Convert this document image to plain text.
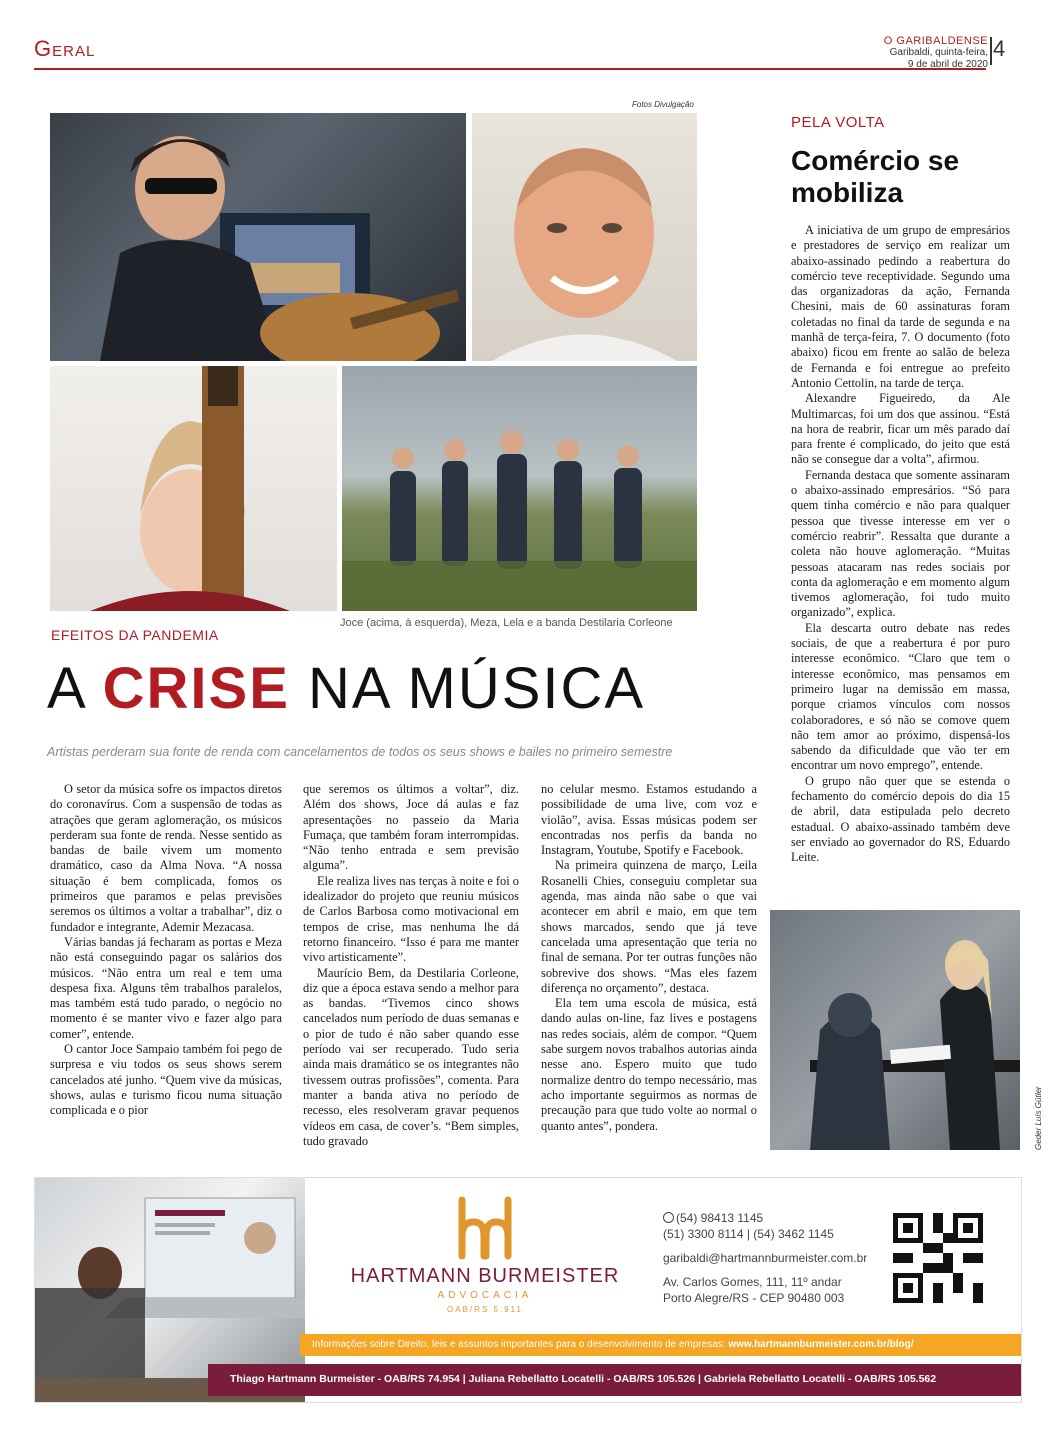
Geral	O GARIBALDENSE
Garibaldi, quinta-feira,
9 de abril de 2020
4
Fotos Divulgação
Joce (acima, à esquerda), Meza, Lela e a banda Destilaria Corleone
EFEITOS DA PANDEMIA
A CRISE NA MÚSICA
Artistas perderam sua fonte de renda com cancelamentos de todos os seus shows e bailes no primeiro semestre

O setor da música sofre os impactos diretos do coronavírus. Com a suspensão de todas as atrações que geram aglomeração, os músicos perderam sua fonte de renda. Nesse sentido as bandas de baile vivem um momento dramático, caso da Alma Nova. “A nossa situação é bem complicada, fomos os primeiros que paramos e pelas previsões seremos os últimos a voltar a trabalhar”, diz o fundador e integrante, Ademir Mezacasa.

Várias bandas já fecharam as portas e Meza não está conseguindo pagar os salários dos músicos. “Não entra um real e tem uma despesa fixa. Alguns têm trabalhos paralelos, mas também está tudo parado, o negócio no momento é se manter vivo e fazer algo para comer”, entende.

O cantor Joce Sampaio também foi pego de surpresa e viu todos os seus shows serem cancelados até junho. “Quem vive da músicas, shows, aulas e turismo ficou numa situação complicada e o pior

que seremos os últimos a voltar”, diz. Além dos shows, Joce dá aulas e faz apresentações no passeio da Maria Fumaça, que também foram interrompidas. “Não tenho entrada e sem previsão alguma”.

Ele realiza lives nas terças à noite e foi o idealizador do projeto que reuniu músicos de Carlos Barbosa como motivacional em tempos de crise, mas nenhuma lhe dá retorno financeiro. “Isso é para me manter vivo artisticamente”.

Maurício Bem, da Destilaria Corleone, diz que a época estava sendo a melhor para as bandas. “Tivemos cinco shows cancelados num período de duas semanas e o pior de tudo é não saber quando esse período vai ser recuperado. Tudo seria ainda mais dramático se os integrantes não tivessem outras profissões”, comenta. Para manter a banda ativa no período de recesso, eles resolveram gravar pequenos vídeos em casa, de cover’s. “Bem simples, tudo gravado

no celular mesmo. Estamos estudando a possibilidade de uma live, com voz e violão”, avisa. Essas músicas podem ser encontradas nos perfis da banda no Instagram, Youtube, Spotify e Facebook.

Na primeira quinzena de março, Leila Rosanelli Chies, conseguiu completar sua agenda, mas ainda não sabe o que vai acontecer em abril e maio, em que tem shows marcados, sendo que já teve cancelada uma apresentação que teria no final de semana. Por ter outras funções não sobrevive dos shows. “Mas eles fazem diferença no orçamento”, destaca.

Ela tem uma escola de música, está dando aulas on-line, faz lives e postagens nas redes sociais, além de compor. “Quem sabe surgem novos trabalhos autorias ainda nesse ano. Espero muito que tudo normalize dentro do tempo necessário, mas acho importante seguirmos as normas de precaução para que tudo volte ao normal o quanto antes”, pondera.

PELA VOLTA
Comércio se mobiliza

A iniciativa de um grupo de empresários e prestadores de serviço em realizar um abaixo-assinado pedindo a reabertura do comércio teve receptividade. Segundo uma das organizadoras da ação, Fernanda Chesini, mais de 60 assinaturas foram coletadas no final da tarde de segunda e na manhã de terça-feira, 7. O documento (foto abaixo) ficou em frente ao salão de beleza de Fernanda e foi entregue ao prefeito Antonio Cettolin, na tarde de terça.

Alexandre Figueiredo, da Ale Multimarcas, foi um dos que assinou. “Está na hora de reabrir, ficar um mês parado daí para frente é complicado, do jeito que está não se consegue dar a volta”, afirmou.

Fernanda destaca que somente assinaram o abaixo-assinado empresários. “Só para quem tinha comércio e não para qualquer pessoa que tivesse interesse em ver o comércio reabrir”. Ressalta que durante a coleta não houve aglomeração. “Muitas pessoas atacaram nas redes sociais por conta da aglomeração e em momento algum tivemos aglomeração, foi tudo muito organizado”, explica.

Ela descarta outro debate nas redes sociais, de que a reabertura é por puro interesse econômico. “Claro que tem o interesse econômico, mas pensamos em primeiro lugar na demissão em massa, porque criamos vínculos com nossos colaboradores, e só não se comove quem não tem amor ao próximo, dispensá-los sabendo da dificuldade que vão ter em encontrar um novo emprego”, entende.

O grupo não quer que se estenda o fechamento do comércio depois do dia 15 de abril, data estipulada pelo decreto estadual. O abaixo-assinado também deve ser enviado ao governador do RS, Eduardo Leite.

Geder Luís Gütler
HARTMANN BURMEISTER
ADVOCACIA
OAB/RS 5.911
(54) 98413 1145
(51) 3300 8114 | (54) 3462 1145
garibaldi@hartmannburmeister.com.br
Av. Carlos Gomes, 111, 11º andar
Porto Alegre/RS - CEP 90480 003
Informações sobre Direito, leis e assuntos importantes para o desenvolvimento de empresas: www.hartmannburmeister.com.br/blog/
Thiago Hartmann Burmeister - OAB/RS 74.954 | Juliana Rebellatto Locatelli - OAB/RS 105.526 | Gabriela Rebellatto Locatelli - OAB/RS 105.562
